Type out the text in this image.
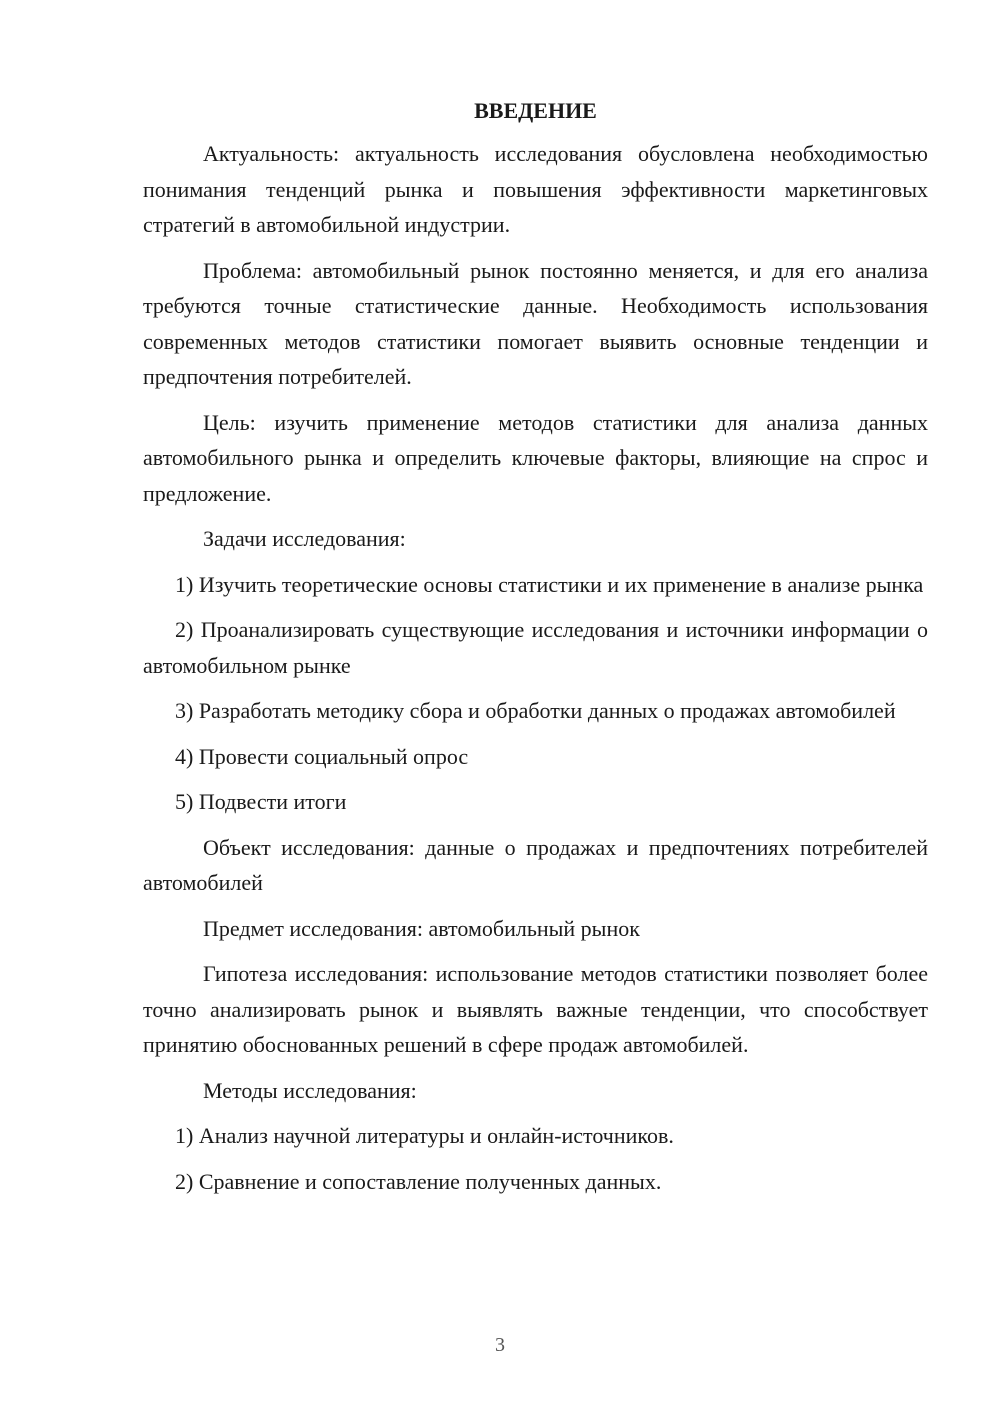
ВВЕДЕНИЕ

Актуальность: актуальность исследования обусловлена необходимостью понимания тенденций рынка и повышения эффективности маркетинговых стратегий в автомобильной индустрии.

Проблема: автомобильный рынок постоянно меняется, и для его анализа требуются точные статистические данные. Необходимость использования современных методов статистики помогает выявить основные тенденции и предпочтения потребителей.

Цель: изучить применение методов статистики для анализа данных автомобильного рынка и определить ключевые факторы, влияющие на спрос и предложение.

Задачи исследования:

1) Изучить теоретические основы статистики и их применение в анализе рынка

2) Проанализировать существующие исследования и источники информации о автомобильном рынке

3) Разработать методику сбора и обработки данных о продажах автомобилей

4) Провести социальный опрос

5) Подвести итоги

Объект исследования: данные о продажах и предпочтениях потребителей автомобилей

Предмет исследования: автомобильный рынок

Гипотеза исследования: использование методов статистики позволяет более точно анализировать рынок и выявлять важные тенденции, что способствует принятию обоснованных решений в сфере продаж автомобилей.

Методы исследования:

1) Анализ научной литературы и онлайн-источников.

2) Сравнение и сопоставление полученных данных.

3
